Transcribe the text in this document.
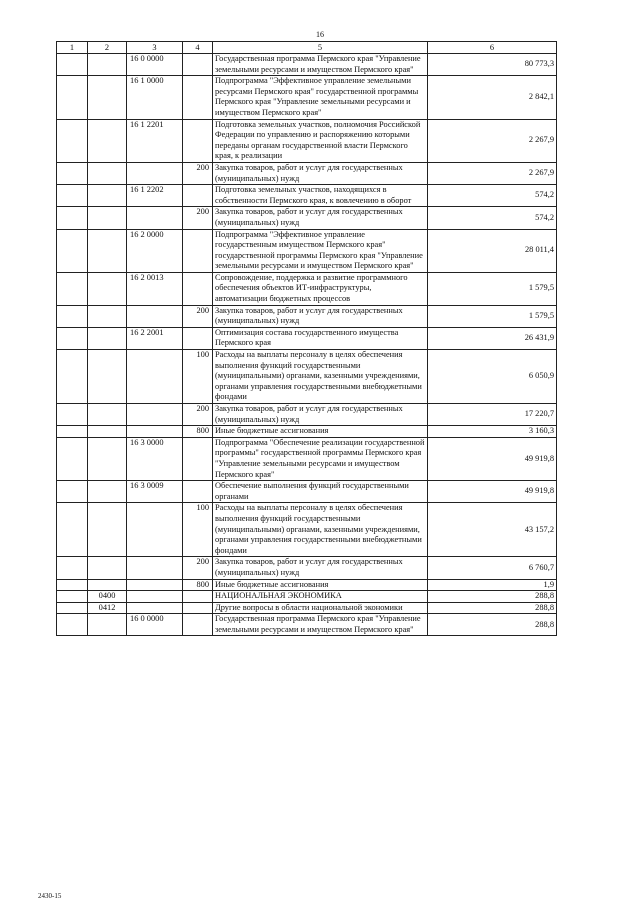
16
1	2	3	4	5	6
		16 0 0000		Государственная программа Пермского края "Управление земельными ресурсами и имуществом Пермского края"	80 773,3
		16 1 0000		Подпрограмма "Эффективное управление земельными ресурсами Пермского края" государственной программы Пермского края "Управление земельными ресурсами и имуществом Пермского края"	2 842,1
		16 1 2201		Подготовка земельных участков, полномочия Российской Федерации по управлению и распоряжению которыми переданы органам государственной власти Пермского края, к реализации	2 267,9
			200	Закупка товаров, работ и услуг для государственных (муниципальных) нужд	2 267,9
		16 1 2202		Подготовка земельных участков, находящихся в собственности Пермского края, к вовлечению в оборот	574,2
			200	Закупка товаров, работ и услуг для государственных (муниципальных) нужд	574,2
		16 2 0000		Подпрограмма "Эффективное управление государственным имуществом Пермского края" государственной программы Пермского края "Управление земельными ресурсами и имуществом Пермского края"	28 011,4
		16 2 0013		Сопровождение, поддержка и развитие программного обеспечения объектов ИТ-инфраструктуры, автоматизации бюджетных процессов	1 579,5
			200	Закупка товаров, работ и услуг для государственных (муниципальных) нужд	1 579,5
		16 2 2001		Оптимизация состава государственного имущества Пермского края	26 431,9
			100	Расходы на выплаты персоналу в целях обеспечения выполнения функций государственными (муниципальными) органами, казенными учреждениями, органами управления государственными внебюджетными фондами	6 050,9
			200	Закупка товаров, работ и услуг для государственных (муниципальных) нужд	17 220,7
			800	Иные бюджетные ассигнования	3 160,3
		16 3 0000		Подпрограмма "Обеспечение реализации государственной программы" государственной программы Пермского края "Управление земельными ресурсами и имуществом Пермского края"	49 919,8
		16 3 0009		Обеспечение выполнения функций государственными органами	49 919,8
			100	Расходы на выплаты персоналу в целях обеспечения выполнения функций государственными (муниципальными) органами, казенными учреждениями, органами управления государственными внебюджетными фондами	43 157,2
			200	Закупка товаров, работ и услуг для государственных (муниципальных) нужд	6 760,7
			800	Иные бюджетные ассигнования	1,9
	0400			НАЦИОНАЛЬНАЯ ЭКОНОМИКА	288,8
	0412			Другие вопросы в области национальной экономики	288,8
		16 0 0000		Государственная программа Пермского края "Управление земельными ресурсами и имуществом Пермского края"	288,8
2430-15
